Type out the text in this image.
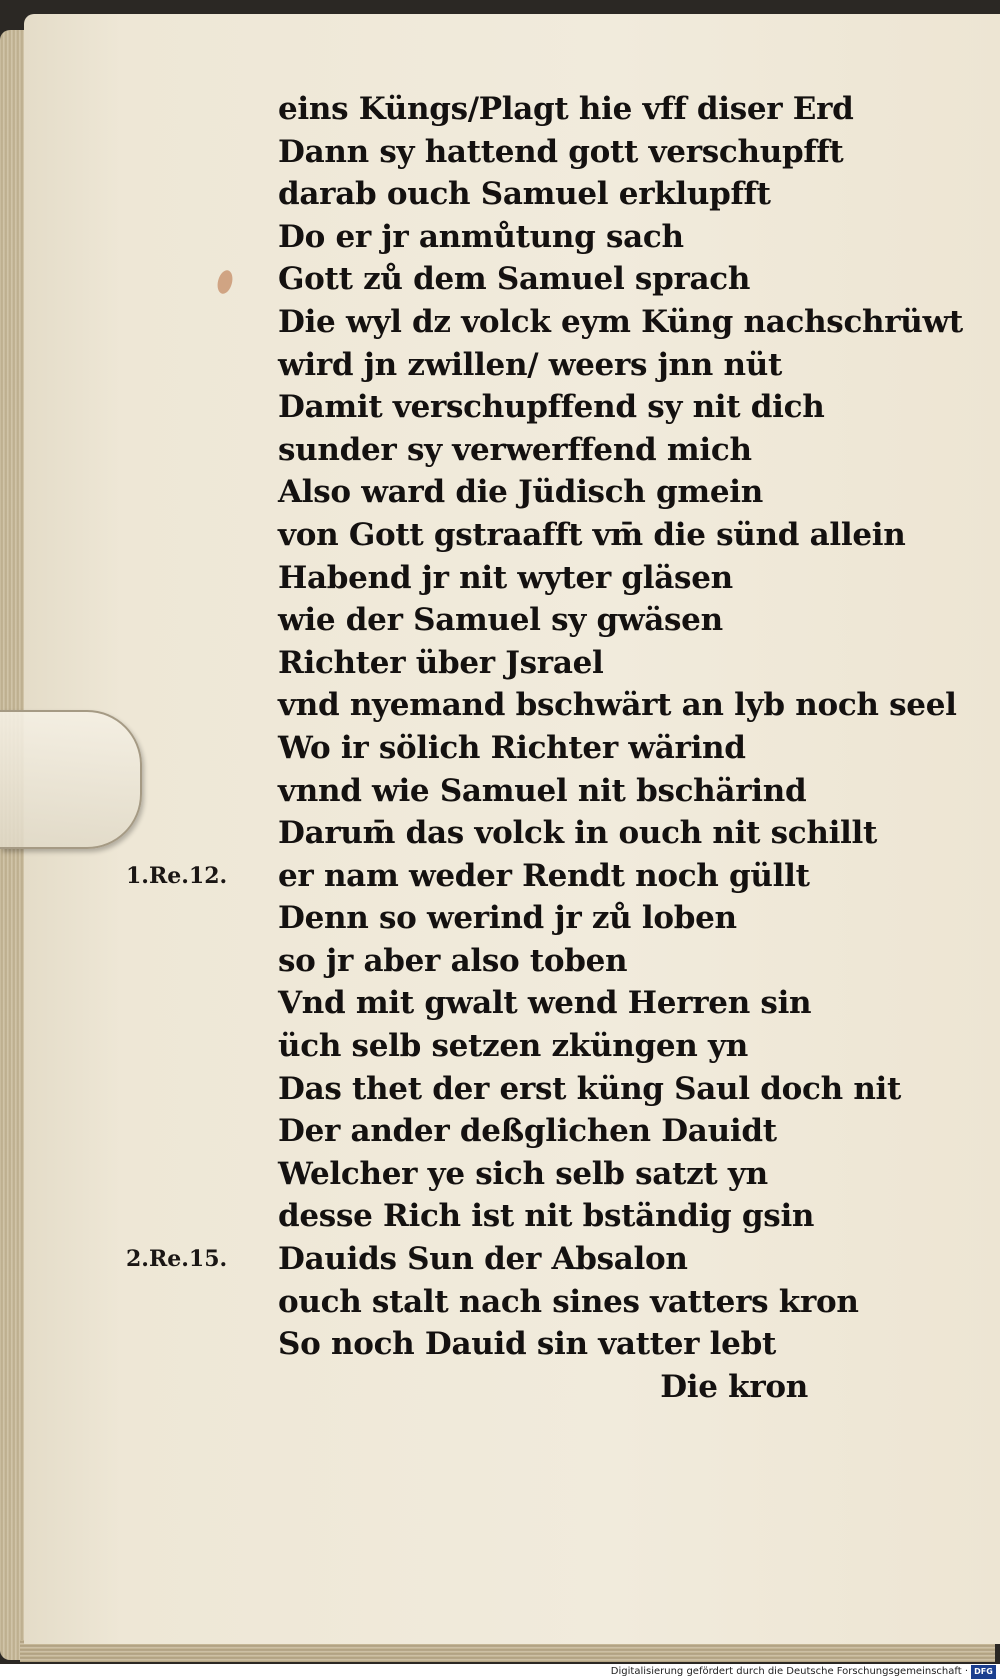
eins Küngs/Plagt hie vff diser Erd
Dann sy hattend gott verschupfft
darab ouch Samuel erklupfft
Do er jr anmůtung sach
Gott zů dem Samuel sprach
Die wyl dz volck eym Küng nachschrüwt
wird jn zwillen/ weers jnn nüt
Damit verschupffend sy nit dich
sunder sy verwerffend mich
Also ward die Jüdisch gmein
von Gott gstraafft vm̄ die sünd allein
Habend jr nit wyter gläsen
wie der Samuel sy gwäsen
Richter über Jsrael
vnd nyemand bschwärt an lyb noch seel
Wo ir sölich Richter wärind
vnnd wie Samuel nit bschärind
Darum̄ das volck in ouch nit schillt
er nam weder Rendt noch güllt
Denn so werind jr zů loben
so jr aber also toben
Vnd mit gwalt wend Herren sin
üch selb setzen zküngen yn
Das thet der erst küng Saul doch nit
Der ander deßglichen Dauidt
Welcher ye sich selb satzt yn
desse Rich ist nit bständig gsin
Dauids Sun der Absalon
ouch stalt nach sines vatters kron
So noch Dauid sin vatter lebt
Die kron
1.Re.12.
2.Re.15.
Digitalisierung gefördert durch die Deutsche Forschungsgemeinschaft · DFG
